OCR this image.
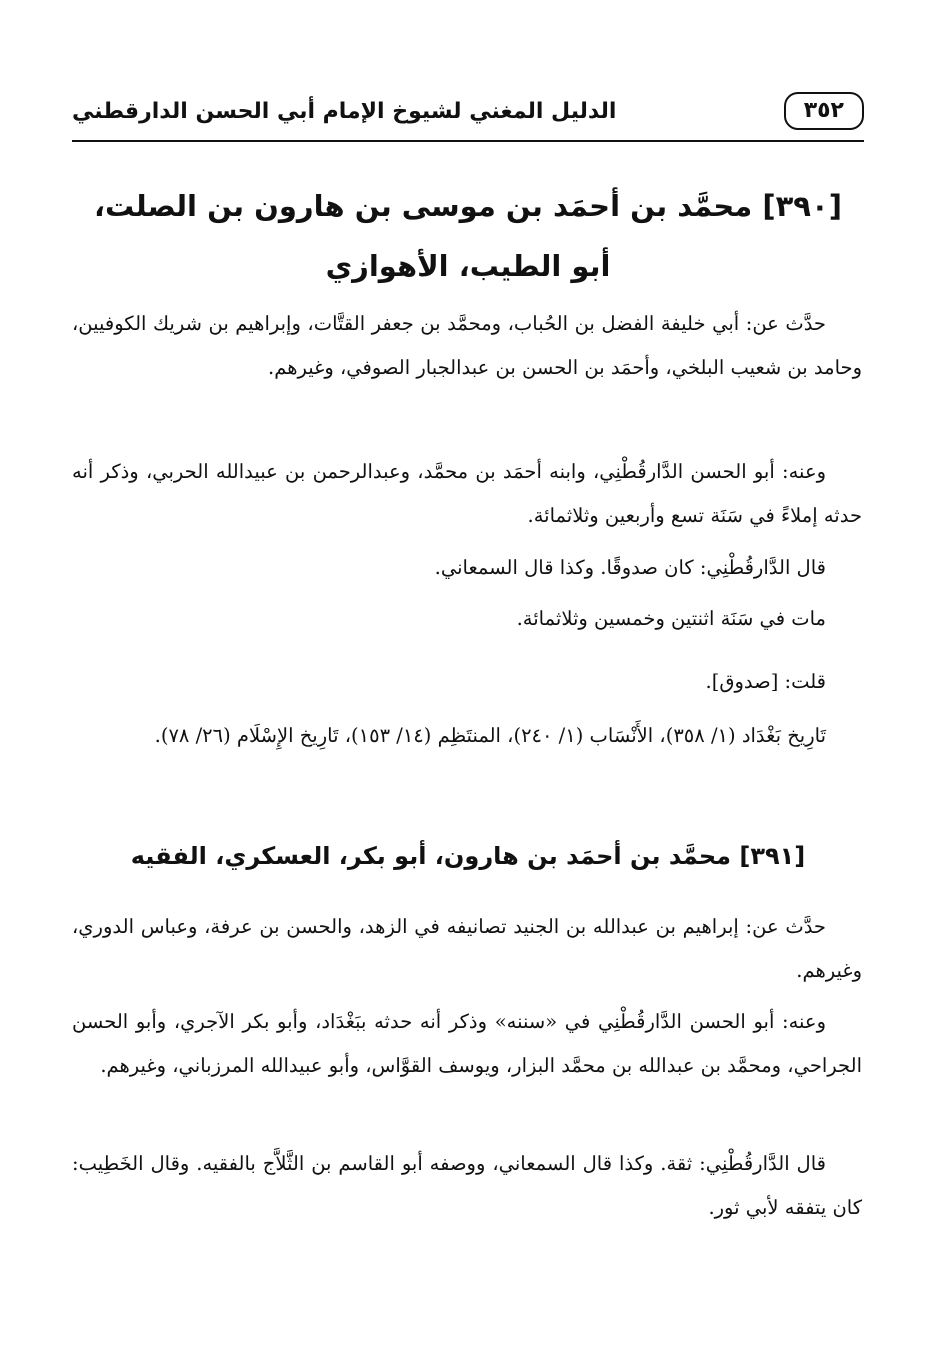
٣٥٢
الدليل المغني لشيوخ الإمام أبي الحسن الدارقطني
[٣٩٠] محمَّد بن أحمَد بن موسى بن هارون بن الصلت، أبو الطيب، الأهوازي

حدَّث عن: أبي خليفة الفضل بن الحُباب، ومحمَّد بن جعفر القتَّات، وإبراهيم بن شريك الكوفيين، وحامد بن شعيب البلخي، وأحمَد بن الحسن بن عبدالجبار الصوفي، وغيرهم.

وعنه: أبو الحسن الدَّارقُطْنِي، وابنه أحمَد بن محمَّد، وعبدالرحمن بن عبيدالله الحربي، وذكر أنه حدثه إملاءً في سَنَة تسع وأربعين وثلاثمائة.

قال الدَّارقُطْنِي: كان صدوقًا. وكذا قال السمعاني.

مات في سَنَة اثنتين وخمسين وثلاثمائة.

قلت: [صدوق].

تَارِيخ بَغْدَاد (١/ ٣٥٨)، الأَنْسَاب (١/ ٢٤٠)، المنتَظِم (١٤/ ١٥٣)، تَارِيخ الإِسْلَام (٢٦/ ٧٨).

[٣٩١] محمَّد بن أحمَد بن هارون، أبو بكر، العسكري، الفقيه

حدَّث عن: إبراهيم بن عبدالله بن الجنيد تصانيفه في الزهد، والحسن بن عرفة، وعباس الدوري، وغيرهم.

وعنه: أبو الحسن الدَّارقُطْنِي في «سننه» وذكر أنه حدثه ببَغْدَاد، وأبو بكر الآجري، وأبو الحسن الجراحي، ومحمَّد بن عبدالله بن محمَّد البزار، ويوسف القوَّاس، وأبو عبيدالله المرزباني، وغيرهم.

قال الدَّارقُطْنِي: ثقة. وكذا قال السمعاني، ووصفه أبو القاسم بن الثَّلاَّج بالفقيه. وقال الخَطِيب: كان يتفقه لأبي ثور.
